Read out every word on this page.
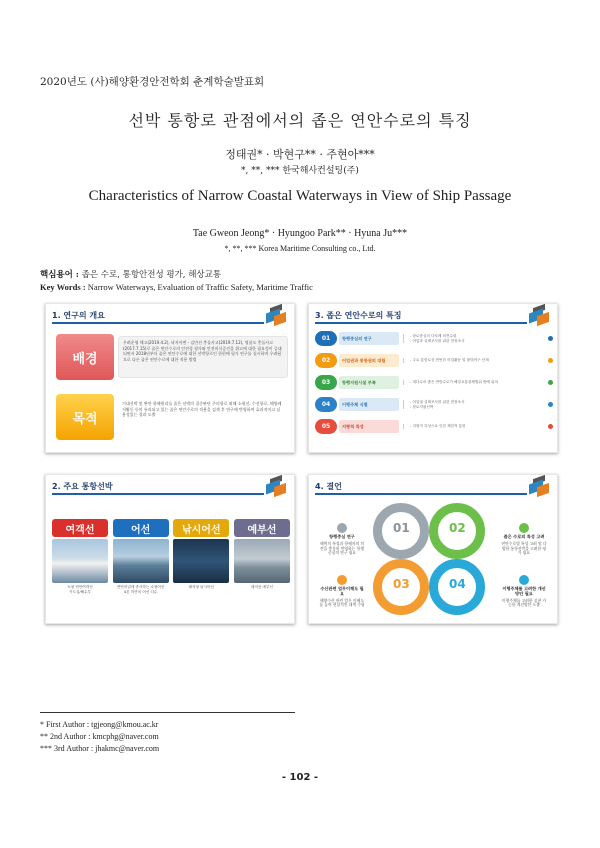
2020년도 (사)해양환경안전학회 춘계학술발표회
선박 통항로 관점에서의 좁은 연안수로의 특징
정태권* · 박현구** · 주현아***
*, **, *** 한국해사컨설팅(주)
Characteristics of Narrow Coastal Waterways in View of Ship Passage
Tae Gweon Jeong* · Hyungoo Park** · Hyuna Ju***
*, **, *** Korea Maritime Consulting co., Ltd.
핵심용어 : 좁은 수로, 통항안전성 평가, 해상교통
Key Words : Narrow Waterways, Evaluation of Traffic Safety, Maritime Traffic
1. 연구의 개요
배경
우려운영 해고(2019.4.2), 낙지아변 - 김만선 충돌사고(2019.7.12), 명품도 충돌사고(2017.7.15)로 좁은 연안수로의 안전성 평가와 안전의식증진을 위고에 대한 필요성이 증대되면서 2018년부터 좁은 연안수로에 대한 선박항로인 한편에 평가 연구를 실시하며 우려됨으로 다른 좁은 연안수로에 대한 적용 방법
목적
기대선박 및 완만 항해원리를 좁은 선박의 집중판단 주의항로 외해 소형선, 수선항로, 해양레저활동 등의 통과되고 있는 좁은 연안수로의 적용을 검색 후 연구에 반영하여 효과적이고 실용성있는 결과 도출
3. 좁은 연안수로의 특징
01	항행중심의 연구	- 항로중심의 다차례 의견수렴
- 어업과 실태조사를 위한 현장조사
02	어업권과 통항권의 대립	- 주요 통항로상 빈번한 어업활동 및 불법어구 산재
03	항행지원시설 부족	- 대다수의 좁은 연안수로가 해상교통관제범위 밖에 위치
04	이행주체 식별	- 어업권 실태조사를 위한 현장조사
- 항로지원선박
05	지형적 특성	- 지형적 특성으로 인한 제한적 통항
2. 주요 통항선박
여객선
소형 연안여객선
카도질/해수부
어선
연안어업에 종사하는 소형어선
4톤 미만의 어선 다수
낚시어선
레저형 낚시어선
예부선
레저선 예부선
4. 결언
01	02
03	04
항행중심 연구
해역의 특성과 항해자의 의견을 충분히 반영하는 항행중심의 연구 필요
좁은 수로의 특성 고려
연안수로별 특성 고려 및 다양한 통항선박을 고려한 평가 필요
수산관련 업무이해도 필요
해양수산 관련 업무 이해도를 높여 현실적인 대책 수립
이행주체를 고려한 개선방안 필요
이행주체를 고려한 실현 가능한 개선방안 도출
* First Author : tgjeong@kmou.ac.kr
** 2nd Author : kmcphg@naver.com
*** 3rd Author : jhakmc@naver.com
- 102 -
